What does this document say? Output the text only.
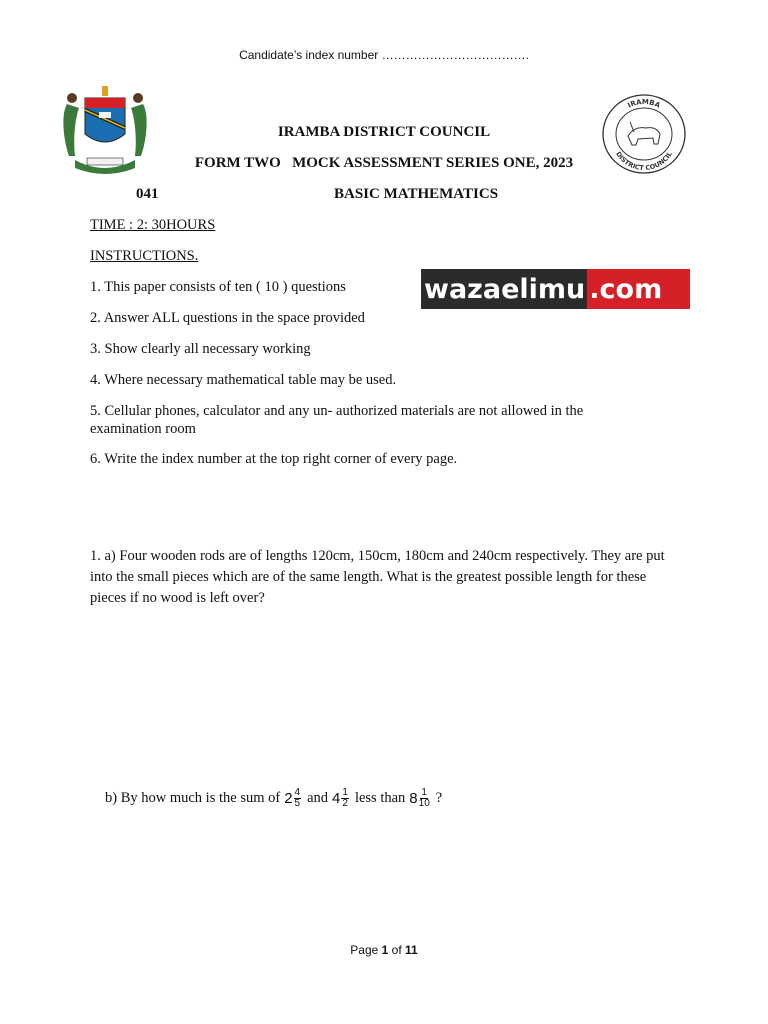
Candidate’s index number ……………………………….
IRAMBA
DISTRICT COUNCIL
IRAMBA DISTRICT COUNCIL
FORM TWO   MOCK ASSESSMENT SERIES ONE, 2023
041	BASIC MATHEMATICS
TIME : 2: 30HOURS
INSTRUCTIONS.
1. This paper consists of ten ( 10 ) questions
2. Answer ALL questions in the space provided
3. Show clearly all necessary working
4. Where necessary mathematical table may be used.
5. Cellular phones, calculator and any un- authorized materials are not allowed in the examination room
6. Write the index number at the top right corner of every page.
wazaelimu .com
1. a) Four wooden rods are of lengths 120cm, 150cm, 180cm and 240cm respectively. They are put into the small pieces which are of the same length. What is the greatest possible length for these pieces if no wood is left over?
b) By how much is the sum of $2 \frac{4}{5}$ and $4 \frac{1}{2}$ less than $8 \frac{1}{10}$ ?
Page 1 of 11
